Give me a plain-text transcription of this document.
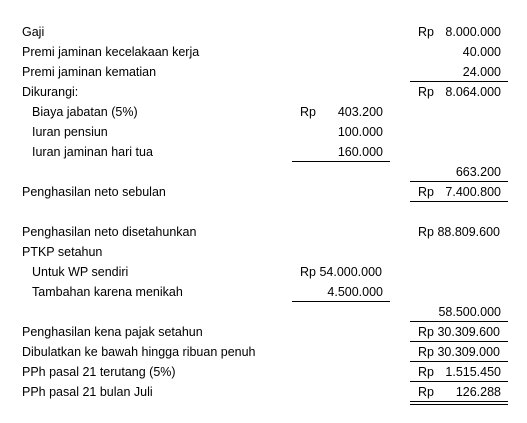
Gaji	Rp 8.000.000
Premi jaminan kecelakaan kerja	40.000
Premi jaminan kematian	24.000
Dikurangi:	Rp 8.064.000
Biaya jabatan (5%)	Rp 403.200
Iuran pensiun	100.000
Iuran jaminan hari tua	160.000
663.200
Penghasilan neto sebulan	Rp 7.400.800
Penghasilan neto disetahunkan	Rp 88.809.600
PTKP setahun
Untuk WP sendiri	Rp 54.000.000
Tambahan karena menikah	4.500.000
58.500.000
Penghasilan kena pajak setahun	Rp 30.309.600
Dibulatkan ke bawah hingga ribuan penuh	Rp 30.309.000
PPh pasal 21 terutang (5%)	Rp 1.515.450
PPh pasal 21 bulan Juli	Rp 126.288
